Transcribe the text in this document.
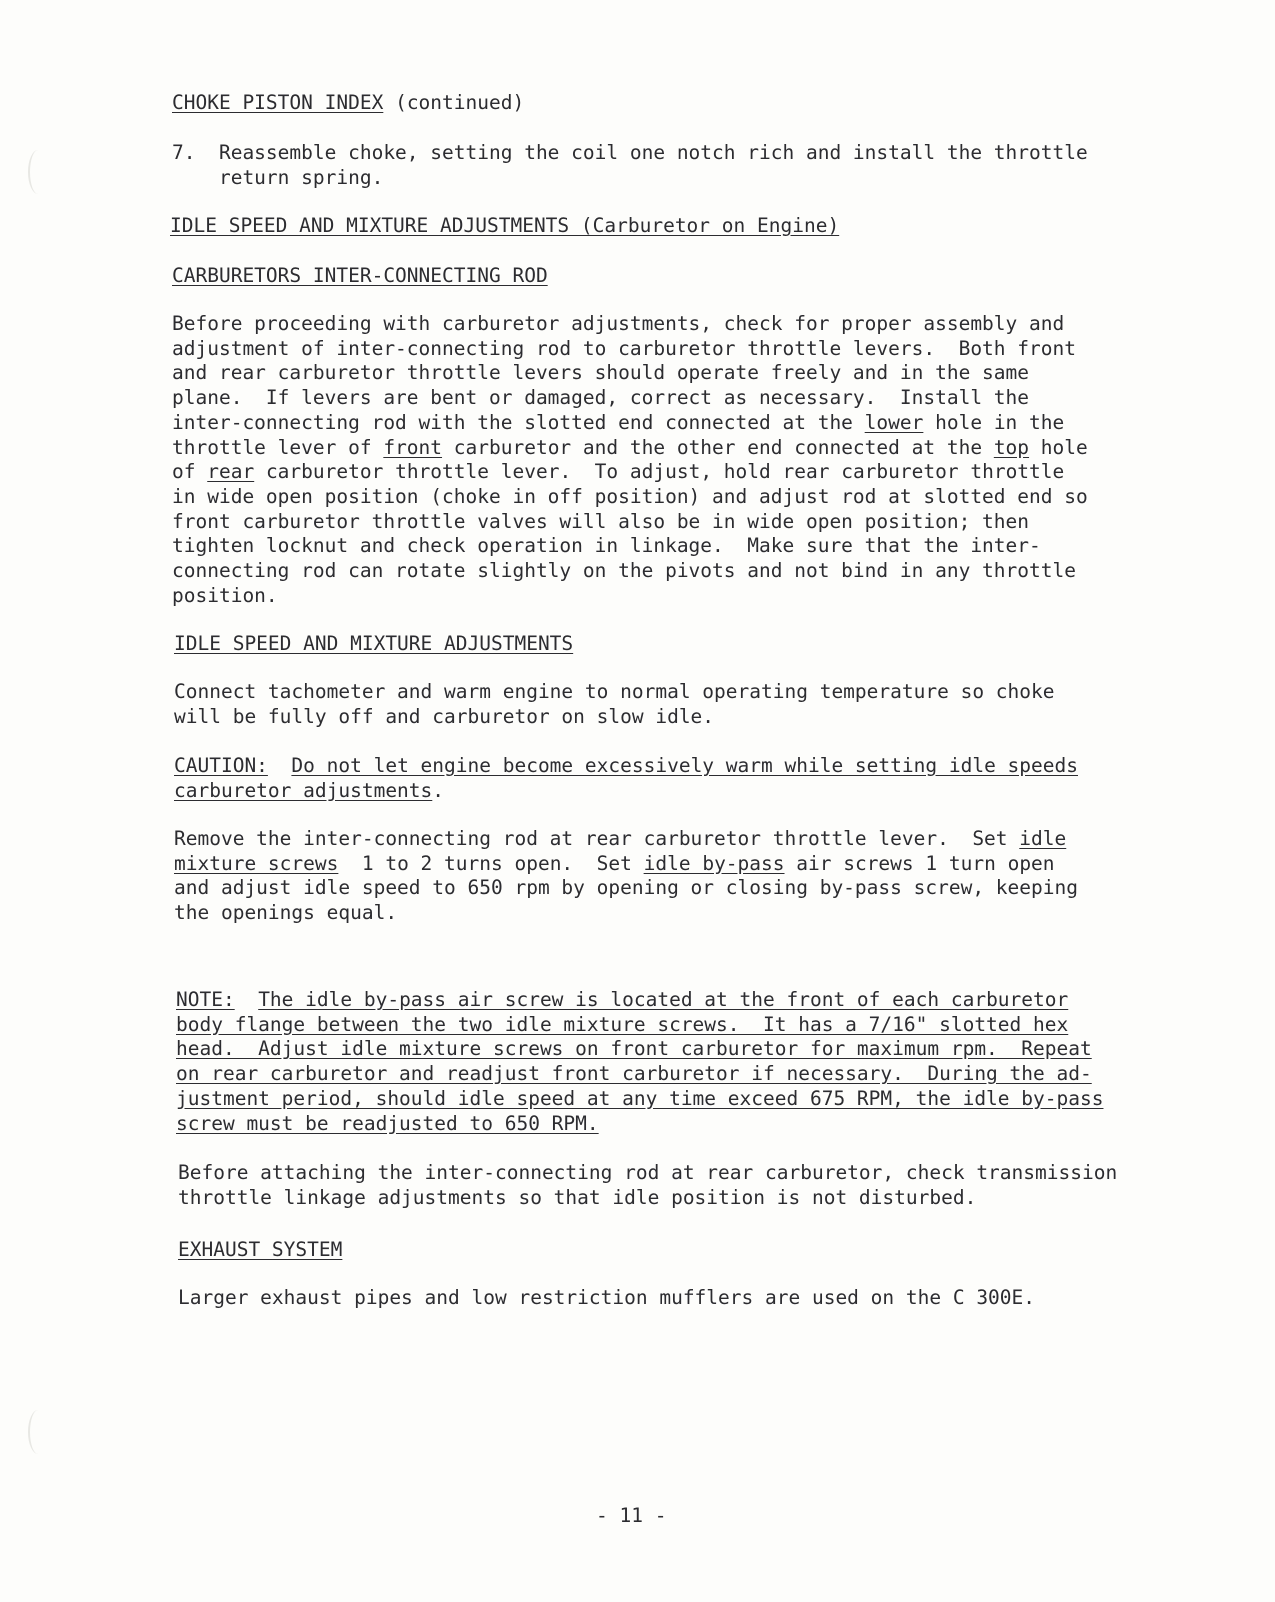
CHOKE PISTON INDEX (continued)

7.  Reassemble choke, setting the coil one notch rich and install the throttle
return spring.

IDLE SPEED AND MIXTURE ADJUSTMENTS (Carburetor on Engine)

CARBURETORS INTER-CONNECTING ROD

Before proceeding with carburetor adjustments, check for proper assembly and
adjustment of inter-connecting rod to carburetor throttle levers.  Both front
and rear carburetor throttle levers should operate freely and in the same
plane.  If levers are bent or damaged, correct as necessary.  Install the
inter-connecting rod with the slotted end connected at the lower hole in the
throttle lever of front carburetor and the other end connected at the top hole
of rear carburetor throttle lever.  To adjust, hold rear carburetor throttle
in wide open position (choke in off position) and adjust rod at slotted end so
front carburetor throttle valves will also be in wide open position; then
tighten locknut and check operation in linkage.  Make sure that the inter-
connecting rod can rotate slightly on the pivots and not bind in any throttle
position.

IDLE SPEED AND MIXTURE ADJUSTMENTS

Connect tachometer and warm engine to normal operating temperature so choke
will be fully off and carburetor on slow idle.

CAUTION: Do not let engine become excessively warm while setting idle speeds
carburetor adjustments.

Remove the inter-connecting rod at rear carburetor throttle lever.  Set idle
mixture screws  1 to 2 turns open.  Set idle by-pass air screws 1 turn open
and adjust idle speed to 650 rpm by opening or closing by-pass screw, keeping
the openings equal.

NOTE: The idle by-pass air screw is located at the front of each carburetor
body flange between the two idle mixture screws.  It has a 7/16" slotted hex
head.  Adjust idle mixture screws on front carburetor for maximum rpm.  Repeat
on rear carburetor and readjust front carburetor if necessary.  During the ad-
justment period, should idle speed at any time exceed 675 RPM, the idle by-pass
screw must be readjusted to 650 RPM.

Before attaching the inter-connecting rod at rear carburetor, check transmission
throttle linkage adjustments so that idle position is not disturbed.

EXHAUST SYSTEM

Larger exhaust pipes and low restriction mufflers are used on the C 300E.

- 11 -
